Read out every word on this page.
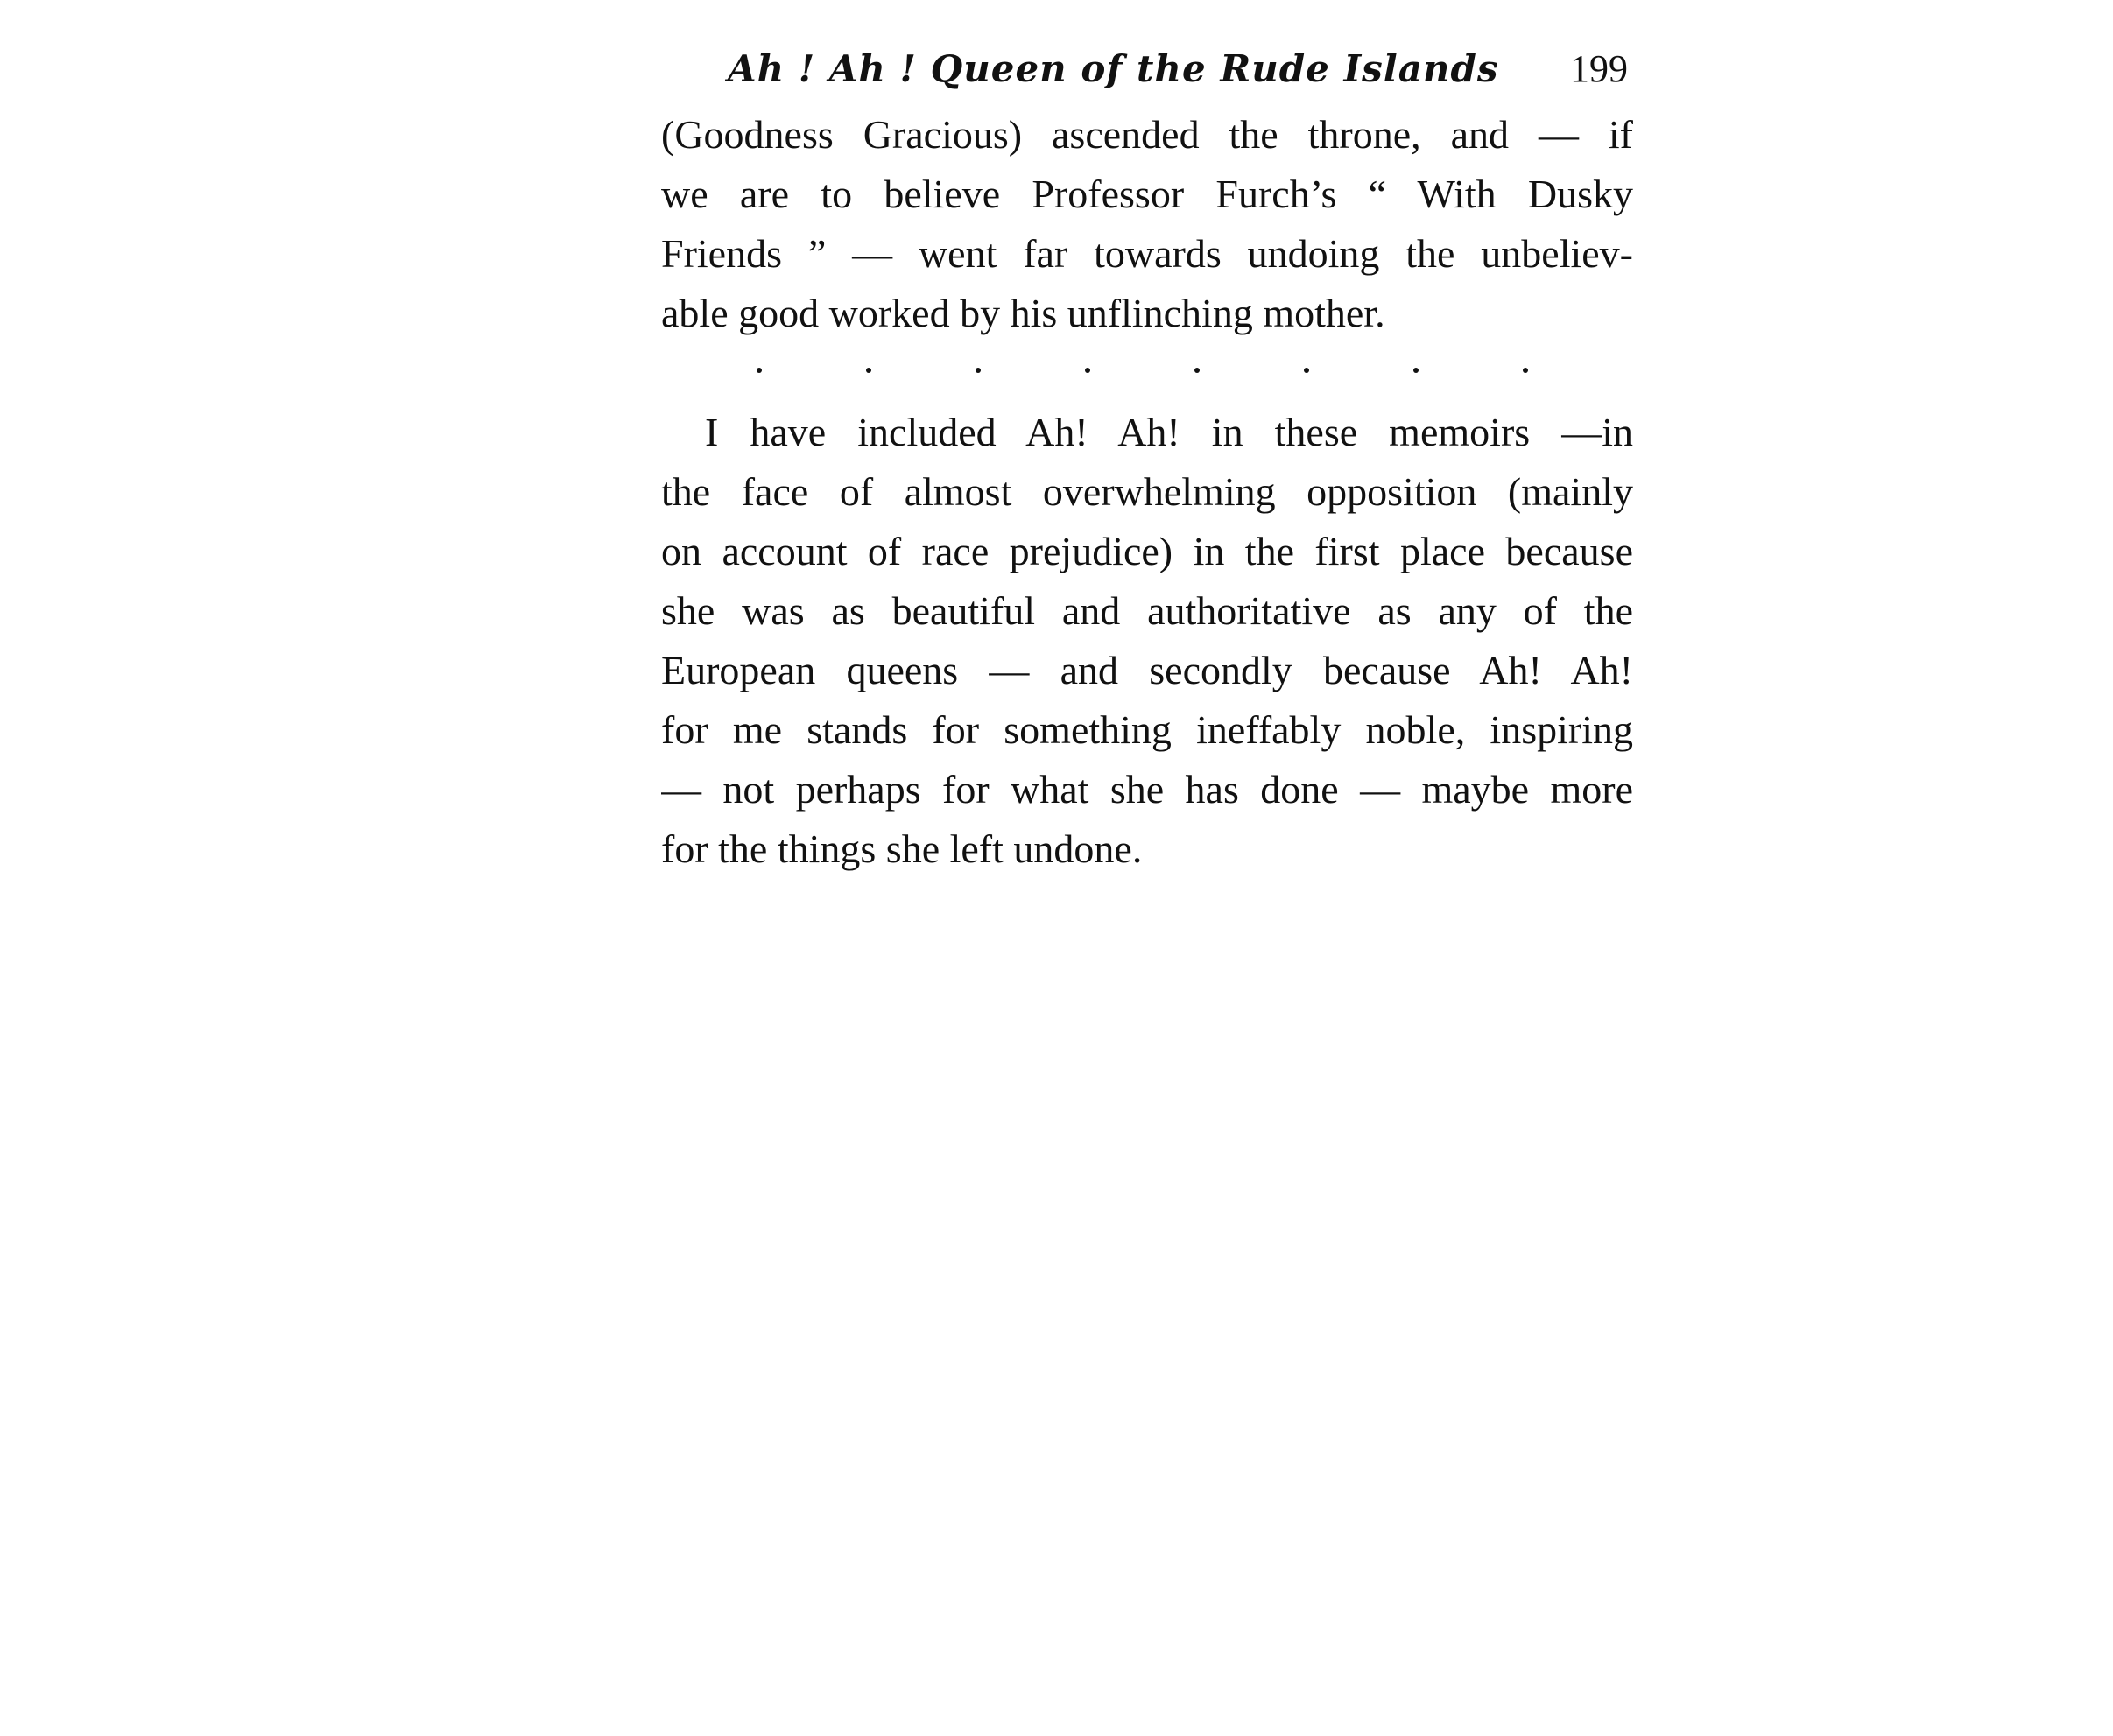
Ah ! Ah ! Queen of the Rude Islands 199
(Goodness Gracious) ascended the throne, and — if
we are to believe Professor Furch’s “ With Dusky
Friends ” — went far towards undoing the unbeliev-
able good worked by his unflinching mother.
I have included Ah! Ah! in these memoirs —in
the face of almost overwhelming opposition (mainly
on account of race prejudice) in the first place because
she was as beautiful and authoritative as any of the
European queens — and secondly because Ah! Ah!
for me stands for something ineffably noble, inspiring
— not perhaps for what she has done — maybe more
for the things she left undone.
